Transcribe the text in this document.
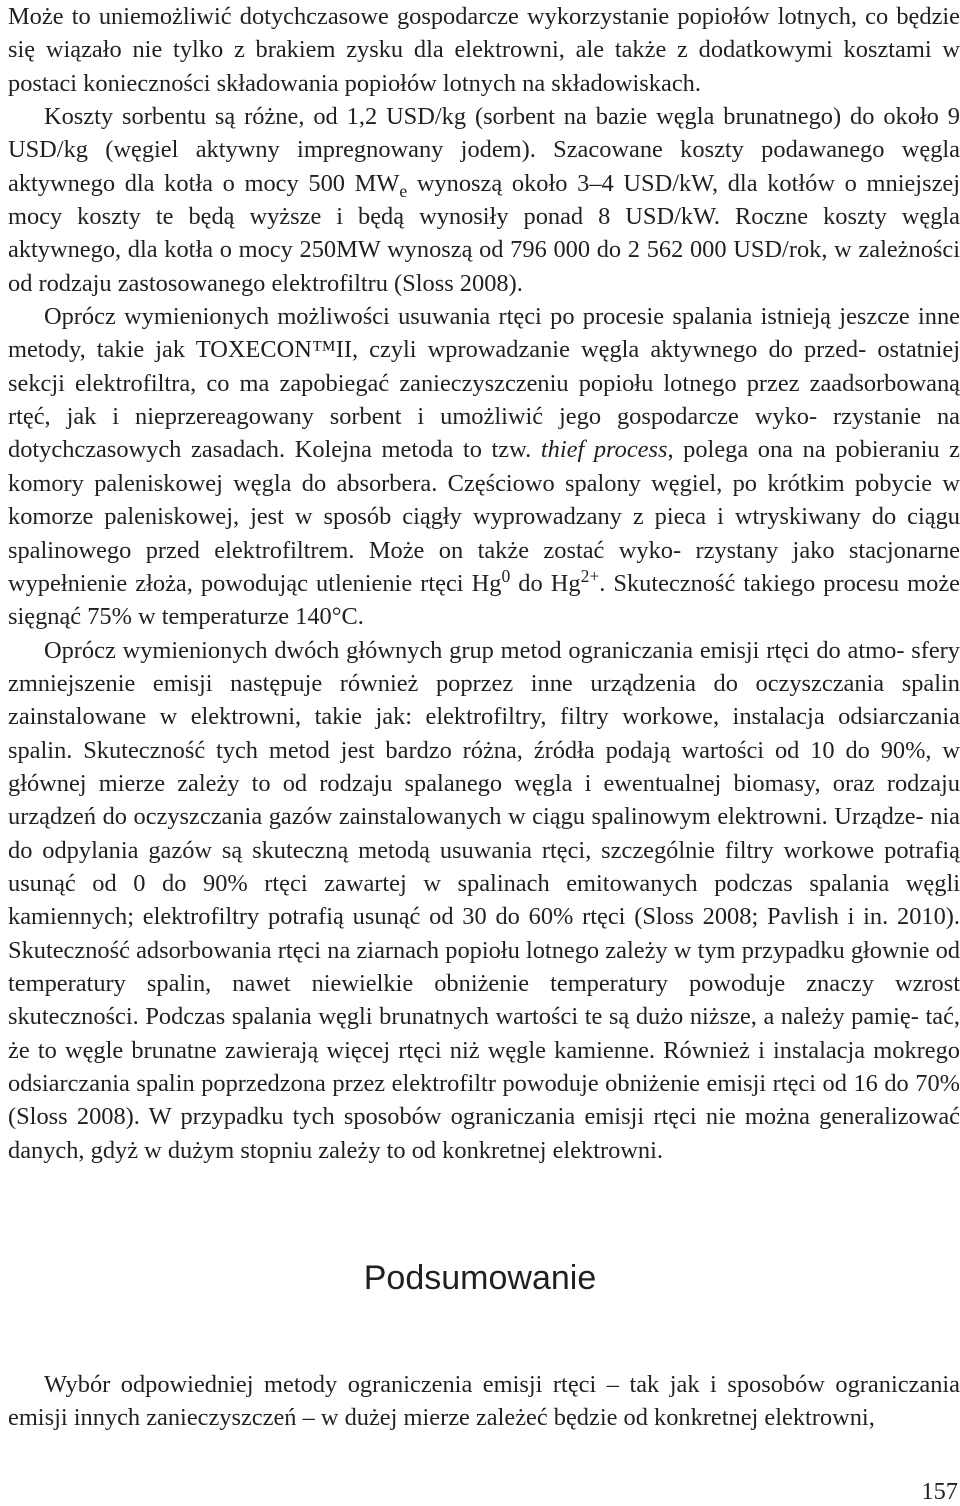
Może to uniemożliwić dotychczasowe gospodarcze wykorzystanie popiołów lotnych, co będzie się wiązało nie tylko z brakiem zysku dla elektrowni, ale także z dodatkowymi kosztami w postaci konieczności składowania popiołów lotnych na składowiskach.

Koszty sorbentu są różne, od 1,2 USD/kg (sorbent na bazie węgla brunatnego) do około 9 USD/kg (węgiel aktywny impregnowany jodem). Szacowane koszty podawanego węgla aktywnego dla kotła o mocy 500 $MW_e$ wynoszą około 3–4 USD/kW, dla kotłów o mniejszej mocy koszty te będą wyższe i będą wynosiły ponad 8 USD/kW. Roczne koszty węgla aktywnego, dla kotła o mocy 250MW wynoszą od 796 000 do 2 562 000 USD/rok, w zależności od rodzaju zastosowanego elektrofiltru (Sloss 2008).

Oprócz wymienionych możliwości usuwania rtęci po procesie spalania istnieją jeszcze inne metody, takie jak TOXECON™II, czyli wprowadzanie węgla aktywnego do przed- ostatniej sekcji elektrofiltra, co ma zapobiegać zanieczyszczeniu popiołu lotnego przez zaadsorbowaną rtęć, jak i nieprzereagowany sorbent i umożliwić jego gospodarcze wyko- rzystanie na dotychczasowych zasadach. Kolejna metoda to tzw. thief process, polega ona na pobieraniu z komory paleniskowej węgla do absorbera. Częściowo spalony węgiel, po krótkim pobycie w komorze paleniskowej, jest w sposób ciągły wyprowadzany z pieca i wtryskiwany do ciągu spalinowego przed elektrofiltrem. Może on także zostać wyko- rzystany jako stacjonarne wypełnienie złoża, powodując utlenienie rtęci Hg$^0$ do $Hg^{2+}$. Skuteczność takiego procesu może sięgnąć 75% w temperaturze 140°C.

Oprócz wymienionych dwóch głównych grup metod ograniczania emisji rtęci do atmo- sfery zmniejszenie emisji następuje również poprzez inne urządzenia do oczyszczania spalin zainstalowane w elektrowni, takie jak: elektrofiltry, filtry workowe, instalacja odsiarczania spalin. Skuteczność tych metod jest bardzo różna, źródła podają wartości od 10 do 90%, w głównej mierze zależy to od rodzaju spalanego węgla i ewentualnej biomasy, oraz rodzaju urządzeń do oczyszczania gazów zainstalowanych w ciągu spalinowym elektrowni. Urządze- nia do odpylania gazów są skuteczną metodą usuwania rtęci, szczególnie filtry workowe potrafią usunąć od 0 do 90% rtęci zawartej w spalinach emitowanych podczas spalania węgli kamiennych; elektrofiltry potrafią usunąć od 30 do 60% rtęci (Sloss 2008; Pavlish i in. 2010). Skuteczność adsorbowania rtęci na ziarnach popiołu lotnego zależy w tym przypadku głownie od temperatury spalin, nawet niewielkie obniżenie temperatury powoduje znaczy wzrost skuteczności. Podczas spalania węgli brunatnych wartości te są dużo niższe, a należy pamię- tać, że to węgle brunatne zawierają więcej rtęci niż węgle kamienne. Również i instalacja mokrego odsiarczania spalin poprzedzona przez elektrofiltr powoduje obniżenie emisji rtęci od 16 do 70% (Sloss 2008). W przypadku tych sposobów ograniczania emisji rtęci nie można generalizować danych, gdyż w dużym stopniu zależy to od konkretnej elektrowni.

Podsumowanie

Wybór odpowiedniej metody ograniczenia emisji rtęci – tak jak i sposobów ograniczania emisji innych zanieczyszczeń – w dużej mierze zależeć będzie od konkretnej elektrowni,

157
